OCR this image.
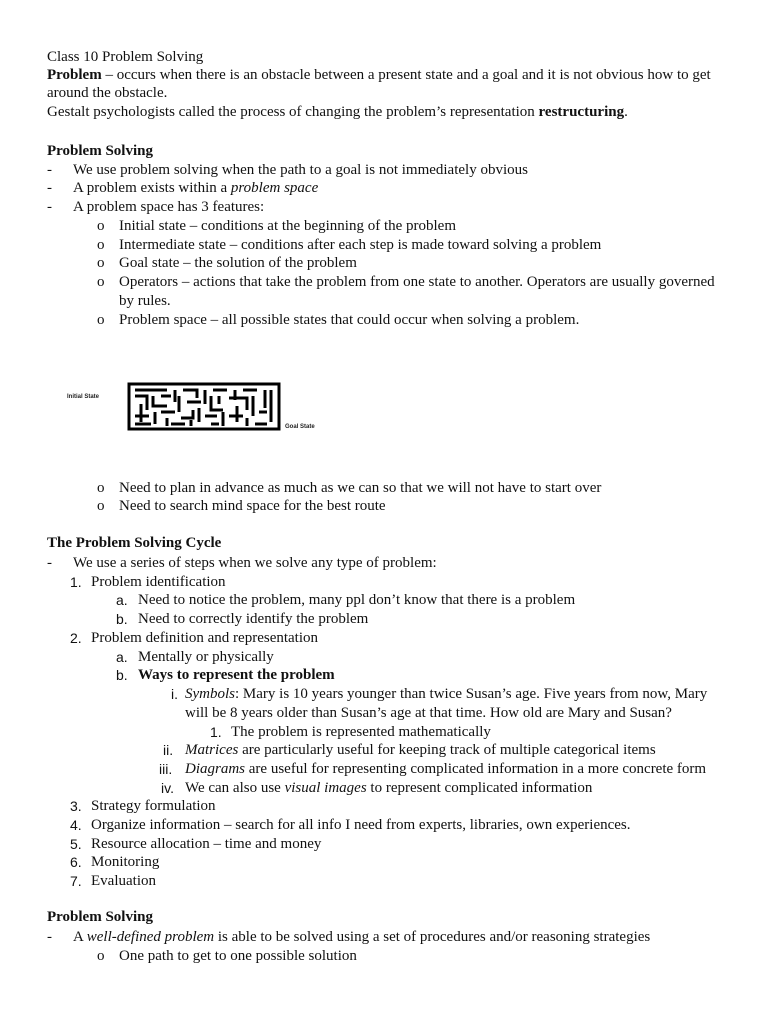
Class 10 Problem Solving
Problem – occurs when there is an obstacle between a present state and a goal and it is not obvious how to get around the obstacle.
Gestalt psychologists called the process of changing the problem’s representation restructuring.
Problem Solving
- We use problem solving when the path to a goal is not immediately obvious
- A problem exists within a problem space
- A problem space has 3 features:
o Initial state – conditions at the beginning of the problem
o Intermediate state – conditions after each step is made toward solving a problem
o Goal state – the solution of the problem
o Operators – actions that take the problem from one state to another. Operators are usually governed
by rules.
o Problem space – all possible states that could occur when solving a problem.
Initial State
Goal State
o Need to plan in advance as much as we can so that we will not have to start over
o Need to search mind space for the best route
The Problem Solving Cycle
- We use a series of steps when we solve any type of problem:
1. Problem identification
a. Need to notice the problem, many ppl don’t know that there is a problem
b. Need to correctly identify the problem
2. Problem definition and representation
a. Mentally or physically
b. Ways to represent the problem
i. Symbols: Mary is 10 years younger than twice Susan’s age. Five years from now, Mary
will be 8 years older than Susan’s age at that time. How old are Mary and Susan?
1. The problem is represented mathematically
ii. Matrices are particularly useful for keeping track of multiple categorical items
iii. Diagrams are useful for representing complicated information in a more concrete form
iv. We can also use visual images to represent complicated information
3. Strategy formulation
4. Organize information – search for all info I need from experts, libraries, own experiences.
5. Resource allocation – time and money
6. Monitoring
7. Evaluation
Problem Solving
- A well-defined problem is able to be solved using a set of procedures and/or reasoning strategies
o One path to get to one possible solution
